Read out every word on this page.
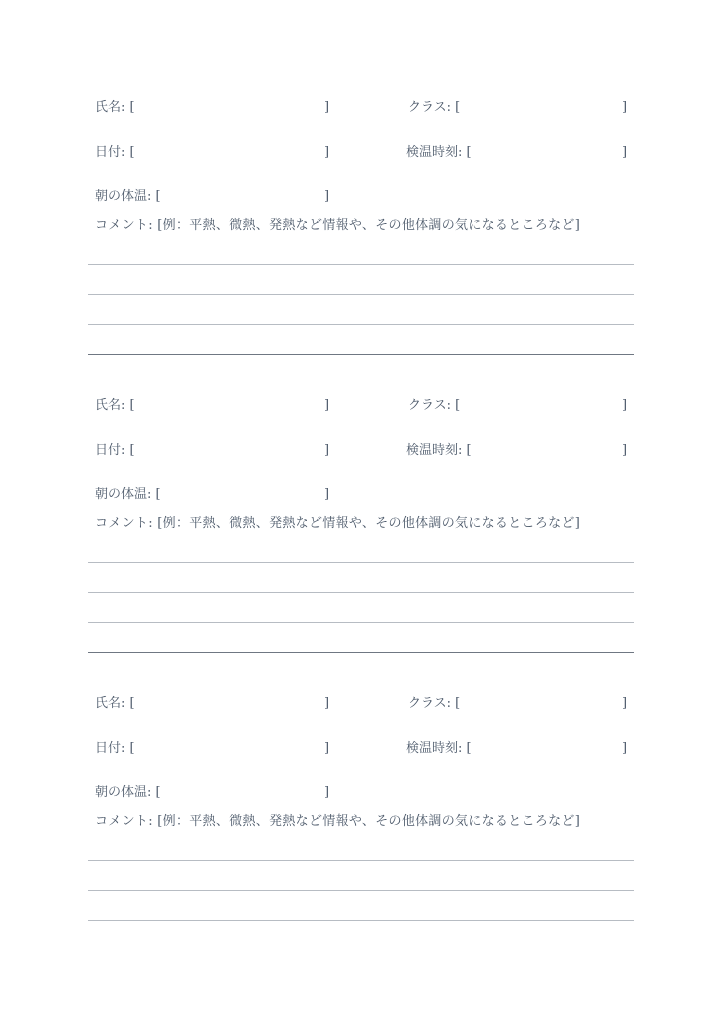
氏名: [	]	クラス: [	]
日付: [	]	検温時刻: [	]
朝の体温: [	]
コメント: [例：平熱、微熱、発熱など情報や、その他体調の気になるところなど]
氏名: [	]	クラス: [	]
日付: [	]	検温時刻: [	]
朝の体温: [	]
コメント: [例：平熱、微熱、発熱など情報や、その他体調の気になるところなど]
氏名: [	]	クラス: [	]
日付: [	]	検温時刻: [	]
朝の体温: [	]
コメント: [例：平熱、微熱、発熱など情報や、その他体調の気になるところなど]
